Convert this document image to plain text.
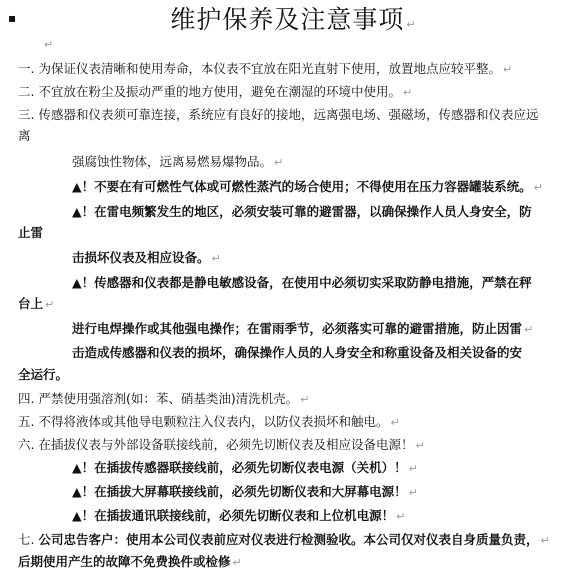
▪	维护保养及注意事项 ↵
↵
一. 为保证仪表清晰和使用寿命，本仪表不宜放在阳光直射下使用，放置地点应较平整。 ↵
二. 不宜放在粉尘及振动严重的地方使用，避免在潮湿的环境中使用。 ↵
三. 传感器和仪表须可靠连接，系统应有良好的接地，远离强电场、强磁场，传感器和仪表应远
离
强腐蚀性物体，远离易燃易爆物品。 ↵
▲！不要在有可燃性气体或可燃性蒸汽的场合使用；不得使用在压力容器罐装系统。 ↵
▲！在雷电频繁发生的地区，必须安装可靠的避雷器，以确保操作人员人身安全，防
止雷
击损坏仪表及相应设备。 ↵
▲！传感器和仪表都是静电敏感设备，在使用中必须切实采取防静电措施，严禁在秤
台上 ↵
进行电焊操作或其他强电操作；在雷雨季节，必须落实可靠的避雷措施，防止因雷 ↵
击造成传感器和仪表的损坏，确保操作人员的人身安全和称重设备及相关设备的安
全运行。
四. 严禁使用强溶剂(如：苯、硝基类油)清洗机壳。 ↵
五. 不得将液体或其他导电颗粒注入仪表内，以防仪表损坏和触电。 ↵
六. 在插拔仪表与外部设备联接线前，必须先切断仪表及相应设备电源！ ↵
▲！在插拔传感器联接线前，必须先切断仪表电源（关机）！ ↵
▲！在插拔大屏幕联接线前，必须先切断仪表和大屏幕电源！ ↵
▲！在插拔通讯联接线前，必须先切断仪表和上位机电源！ ↵
七. 公司忠告客户：使用本公司仪表前应对仪表进行检测验收。本公司仅对仪表自身质量负责， ↵
后期使用产生的故障不免费换件或检修 ↵
